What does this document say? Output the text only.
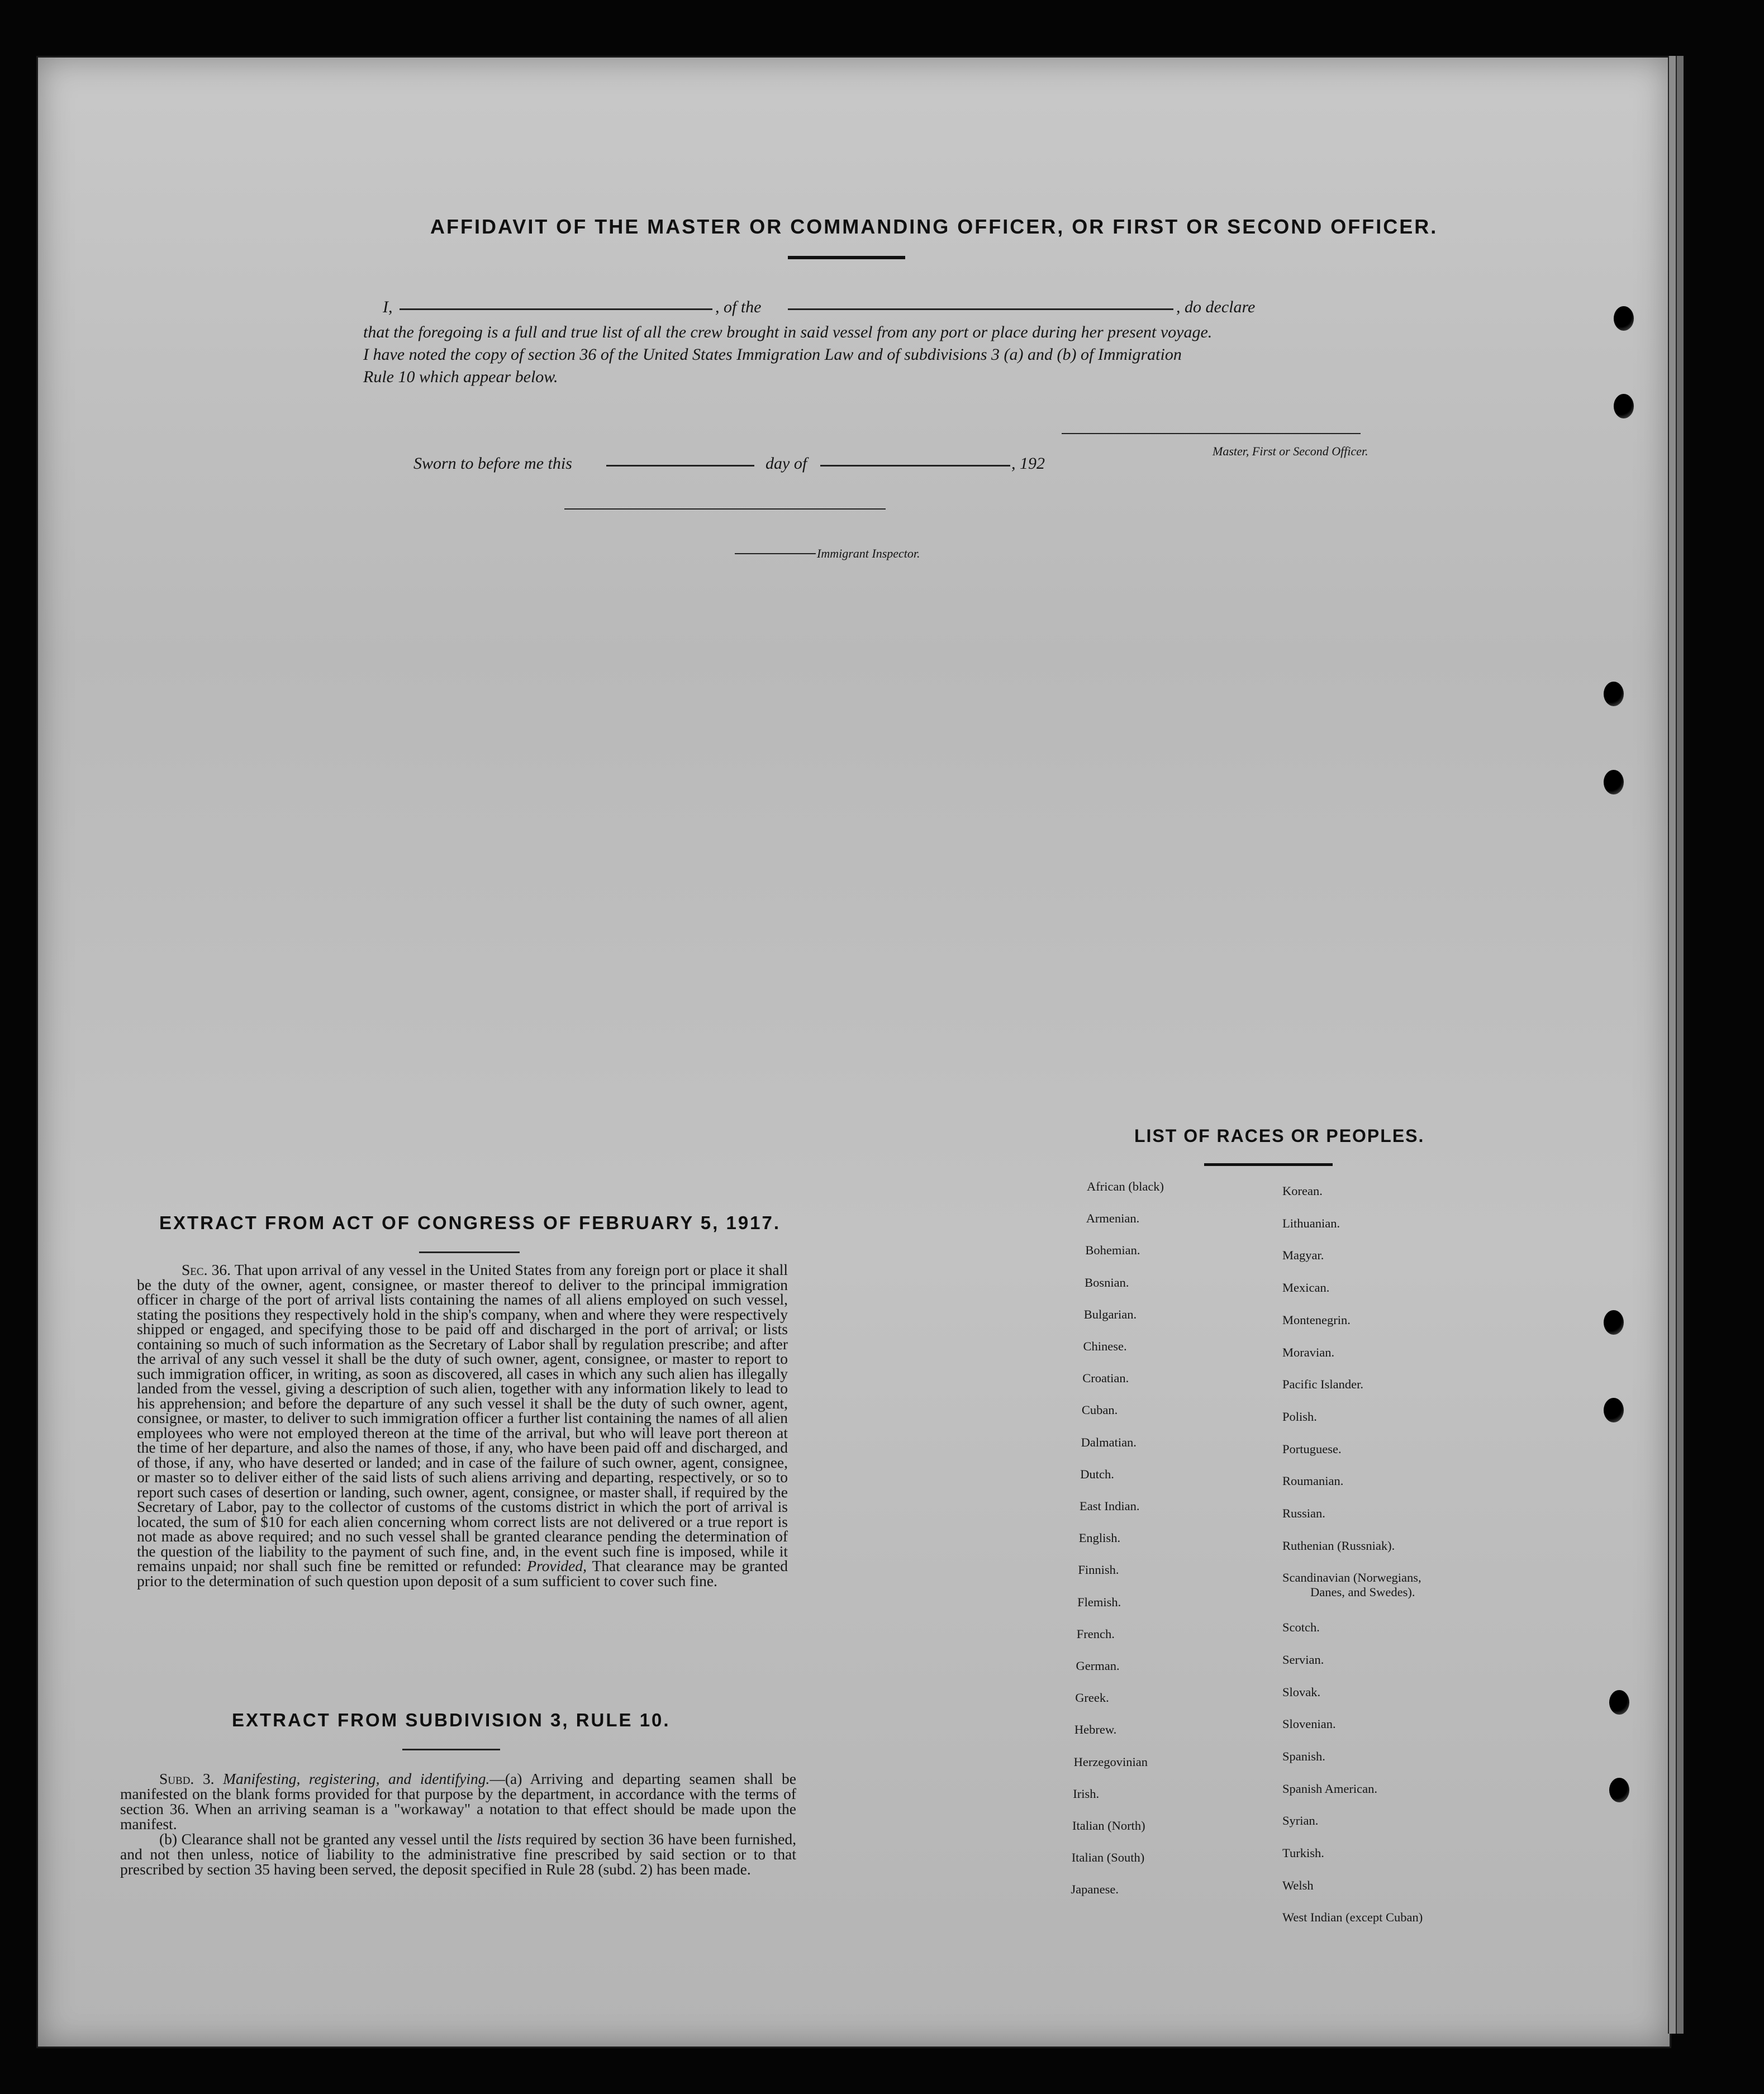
AFFIDAVIT OF THE MASTER OR COMMANDING OFFICER, OR FIRST OR SECOND OFFICER.
I,	, of the	, do declare
that the foregoing is a full and true list of all the crew brought in said vessel from any port or place during her present voyage.
I have noted the copy of section 36 of the United States Immigration Law and of subdivisions 3 (a) and (b) of Immigration
Rule 10 which appear below.
Master, First or Second Officer.
Sworn to before me this	day of	, 192
Immigrant Inspector.
EXTRACT FROM ACT OF CONGRESS OF FEBRUARY 5, 1917.
Sec. 36. That upon arrival of any vessel in the United States from any foreign port or place it shall be the duty of the owner, agent, consignee, or master thereof to deliver to the principal immigration officer in charge of the port of arrival lists containing the names of all aliens employed on such vessel, stating the positions they respectively hold in the ship's company, when and where they were respectively shipped or engaged, and specifying those to be paid off and discharged in the port of arrival; or lists containing so much of such information as the Secretary of Labor shall by regulation prescribe; and after the arrival of any such vessel it shall be the duty of such owner, agent, consignee, or master to report to such immigration officer, in writing, as soon as discovered, all cases in which any such alien has illegally landed from the vessel, giving a description of such alien, together with any information likely to lead to his apprehension; and before the departure of any such vessel it shall be the duty of such owner, agent, consignee, or master, to deliver to such immigration officer a further list containing the names of all alien employees who were not employed thereon at the time of the arrival, but who will leave port thereon at the time of her departure, and also the names of those, if any, who have been paid off and discharged, and of those, if any, who have deserted or landed; and in case of the failure of such owner, agent, consignee, or master so to deliver either of the said lists of such aliens arriving and departing, respectively, or so to report such cases of desertion or landing, such owner, agent, consignee, or master shall, if required by the Secretary of Labor, pay to the collector of customs of the customs district in which the port of arrival is located, the sum of $10 for each alien concerning whom correct lists are not delivered or a true report is not made as above required; and no such vessel shall be granted clearance pending the determination of the question of the liability to the payment of such fine, and, in the event such fine is imposed, while it remains unpaid; nor shall such fine be remitted or refunded: Provided, That clearance may be granted prior to the determination of such question upon deposit of a sum sufficient to cover such fine.
EXTRACT FROM SUBDIVISION 3, RULE 10.

Subd. 3. Manifesting, registering, and identifying.—(a) Arriving and departing seamen shall be manifested on the blank forms provided for that purpose by the department, in accordance with the terms of section 36. When an arriving seaman is a "workaway" a notation to that effect should be made upon the manifest.

(b) Clearance shall not be granted any vessel until the lists required by section 36 have been furnished, and not then unless, notice of liability to the administrative fine prescribed by said section or to that prescribed by section 35 having been served, the deposit specified in Rule 28 (subd. 2) has been made.

LIST OF RACES OR PEOPLES.
African (black)
Armenian.
Bohemian.
Bosnian.
Bulgarian.
Chinese.
Croatian.
Cuban.
Dalmatian.
Dutch.
East Indian.
English.
Finnish.
Flemish.
French.
German.
Greek.
Hebrew.
Herzegovinian
Irish.
Italian (North)
Italian (South)
Japanese.
Korean.
Lithuanian.
Magyar.
Mexican.
Montenegrin.
Moravian.
Pacific Islander.
Polish.
Portuguese.
Roumanian.
Russian.
Ruthenian (Russniak).
Scandinavian (Norwegians,
Danes, and Swedes).
Scotch.
Servian.
Slovak.
Slovenian.
Spanish.
Spanish American.
Syrian.
Turkish.
Welsh
West Indian (except Cuban)
